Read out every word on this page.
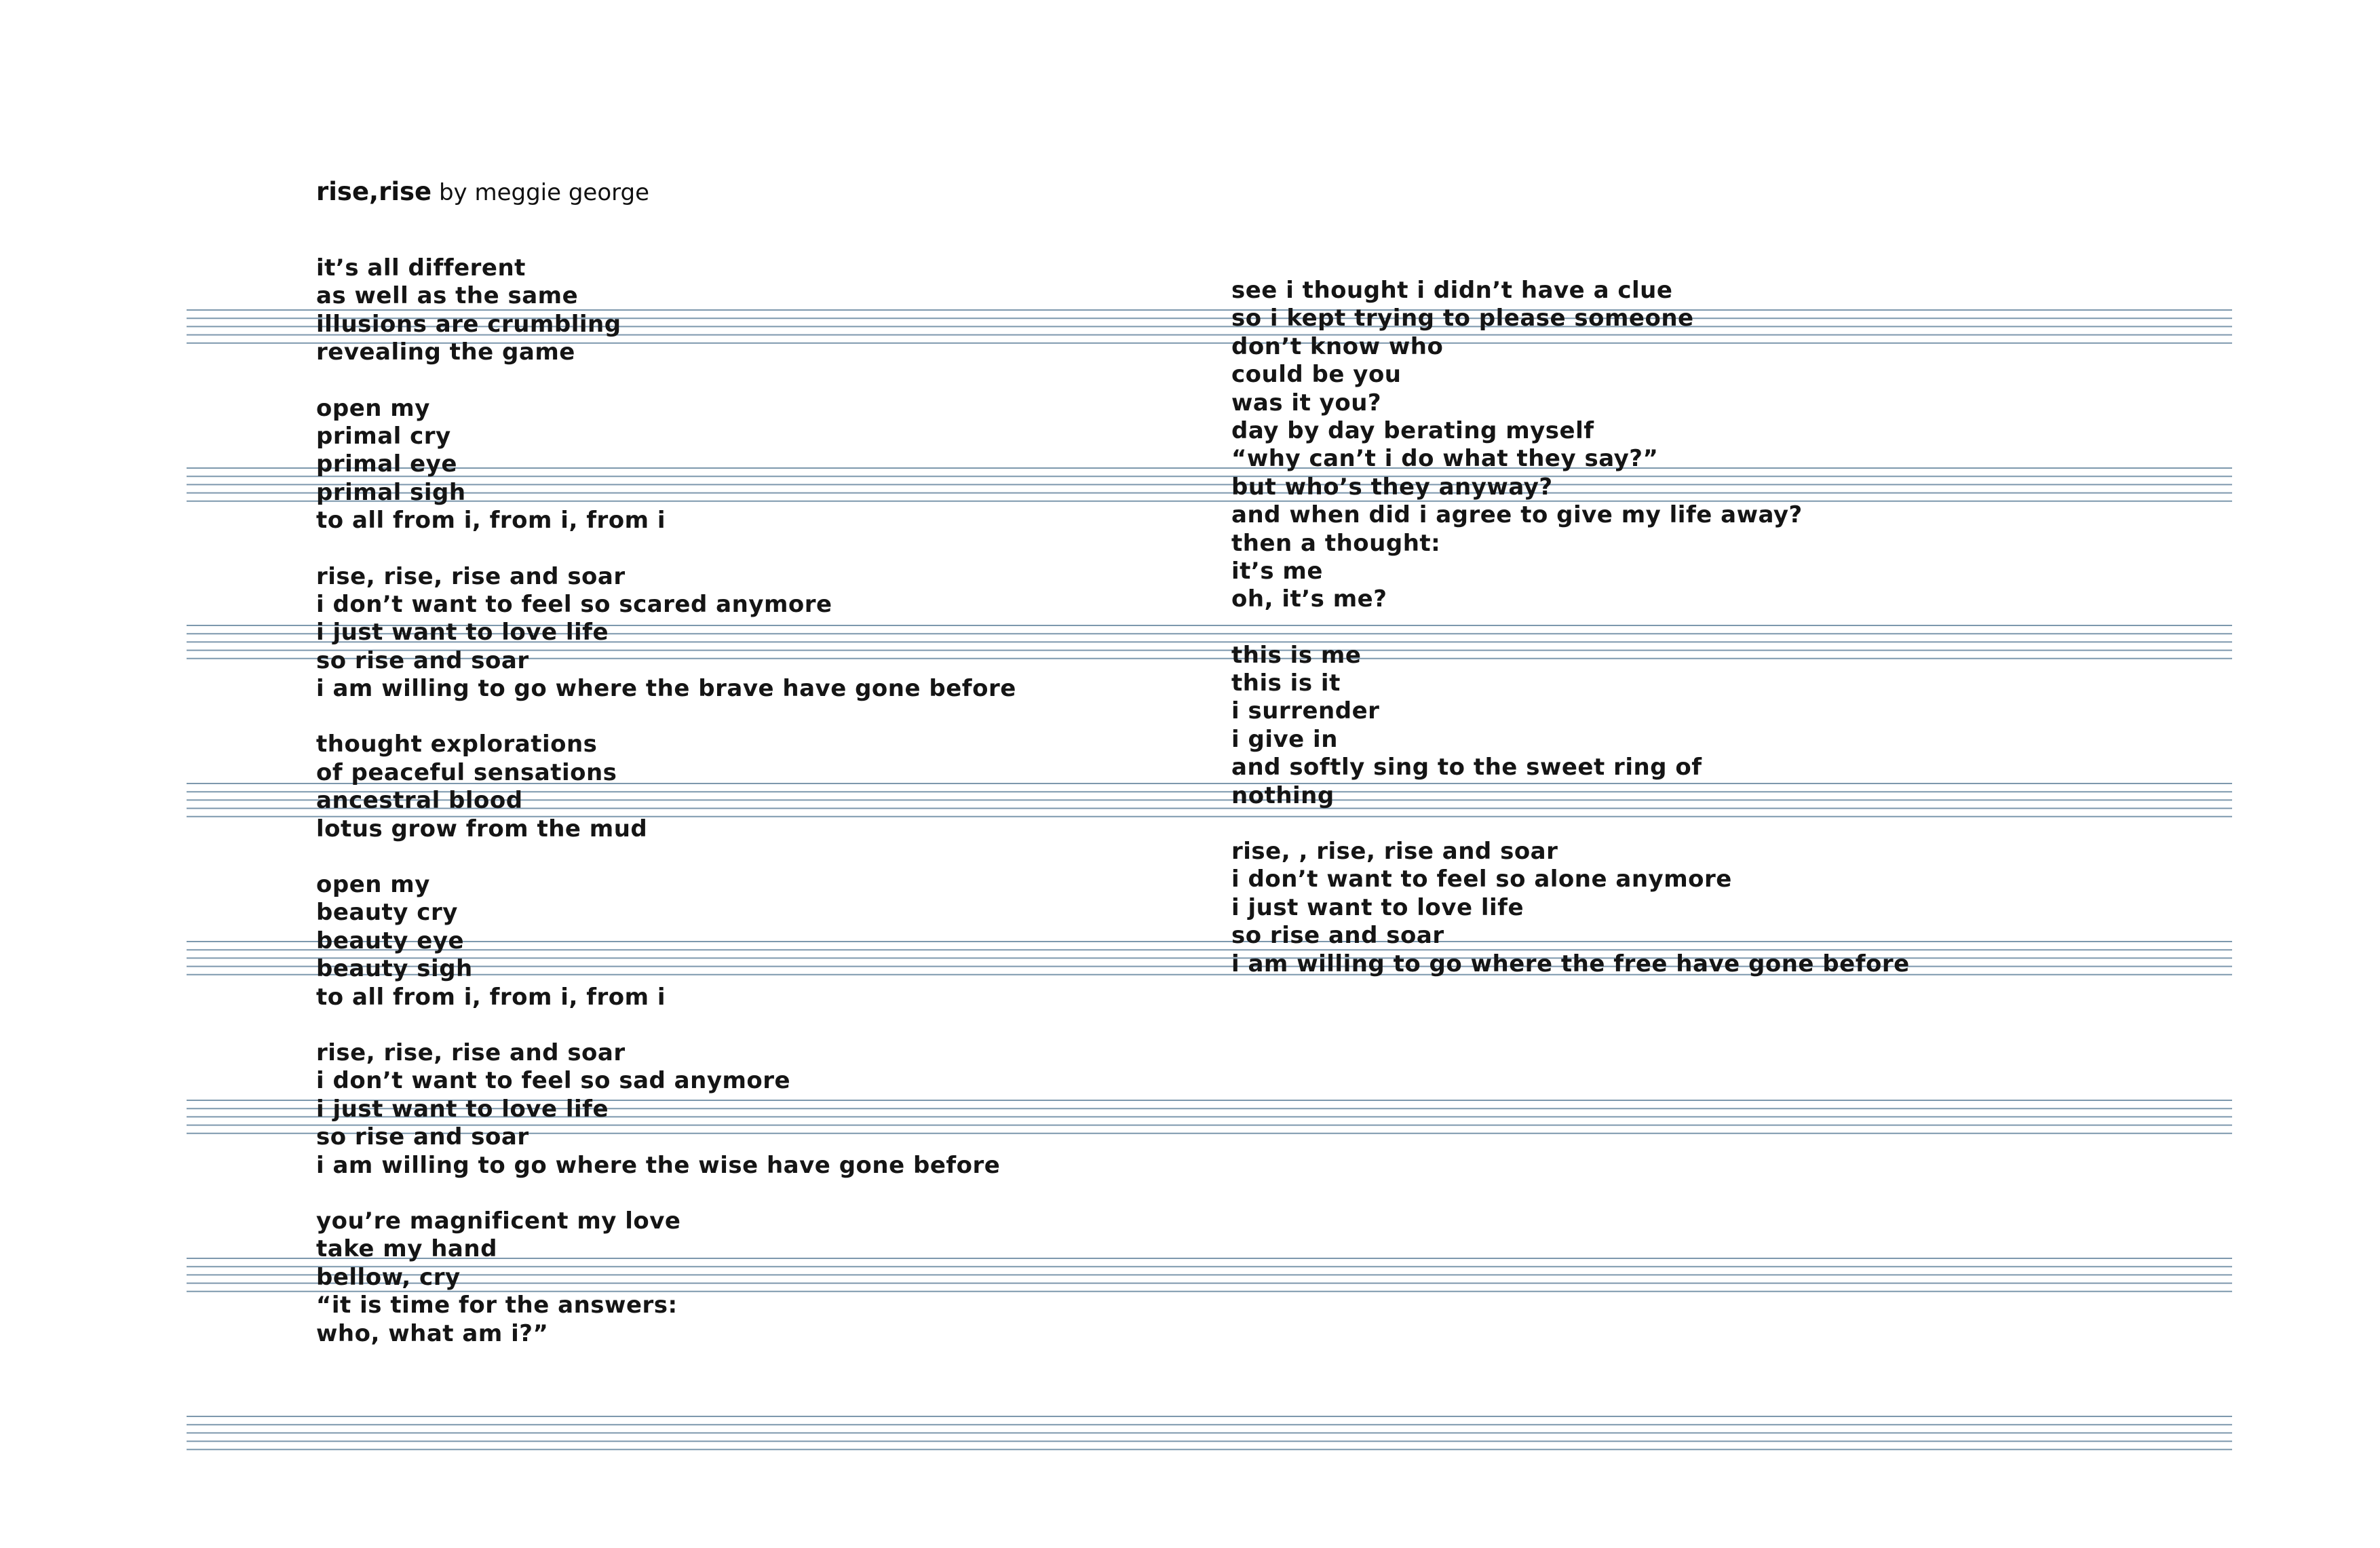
rise,rise by meggie george
it’s all different
as well as the same
illusions are crumbling
revealing the game
open my
primal cry
primal eye
primal sigh
to all from i, from i, from i
rise, rise, rise and soar
i don’t want to feel so scared anymore
i just want to love life
so rise and soar
i am willing to go where the brave have gone before
thought explorations
of peaceful sensations
ancestral blood
lotus grow from the mud
open my
beauty cry
beauty eye
beauty sigh
to all from i, from i, from i
rise, rise, rise and soar
i don’t want to feel so sad anymore
i just want to love life
so rise and soar
i am willing to go where the wise have gone before
you’re magnificent my love
take my hand
bellow, cry
“it is time for the answers:
who, what am i?”
see i thought i didn’t have a clue
so i kept trying to please someone
don’t know who
could be you
was it you?
day by day berating myself
“why can’t i do what they say?”
but who’s they anyway?
and when did i agree to give my life away?
then a thought:
it’s me
oh, it’s me?
this is me
this is it
i surrender
i give in
and softly sing to the sweet ring of
nothing
rise, , rise, rise and soar
i don’t want to feel so alone anymore
i just want to love life
so rise and soar
i am willing to go where the free have gone before
